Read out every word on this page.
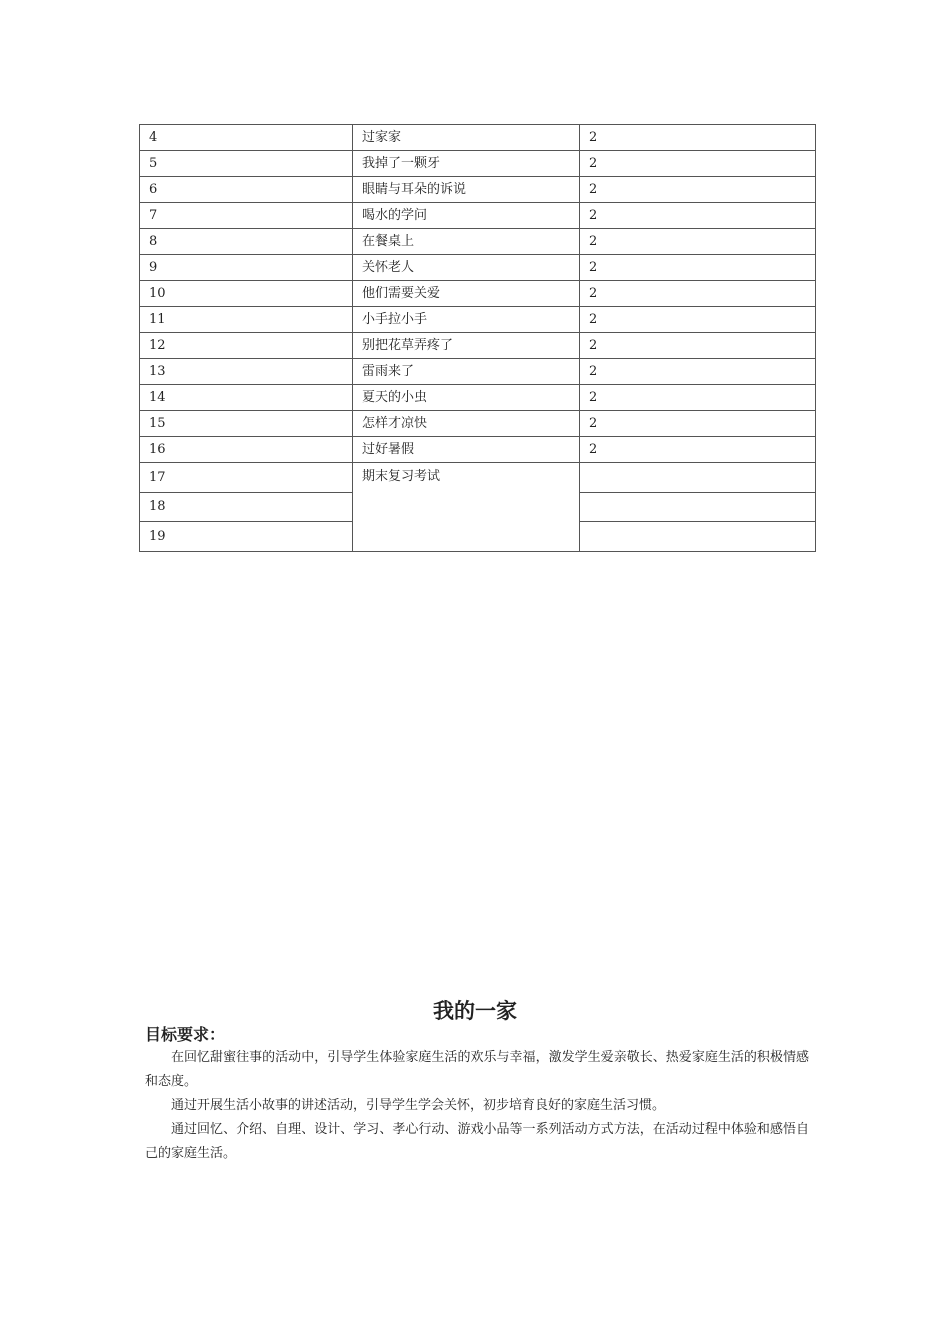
4	过家家	2
5	我掉了一颗牙	2
6	眼睛与耳朵的诉说	2
7	喝水的学问	2
8	在餐桌上	2
9	关怀老人	2
10	他们需要关爱	2
11	小手拉小手	2
12	别把花草弄疼了	2
13	雷雨来了	2
14	夏天的小虫	2
15	怎样才凉快	2
16	过好暑假	2
17	期末复习考试	
18		
19		
我的一家
目标要求：

在回忆甜蜜往事的活动中，引导学生体验家庭生活的欢乐与幸福，激发学生爱亲敬长、热爱家庭生活的积极情感和态度。

通过开展生活小故事的讲述活动，引导学生学会关怀，初步培育良好的家庭生活习惯。

通过回忆、介绍、自理、设计、学习、孝心行动、游戏小品等一系列活动方式方法，在活动过程中体验和感悟自己的家庭生活。
